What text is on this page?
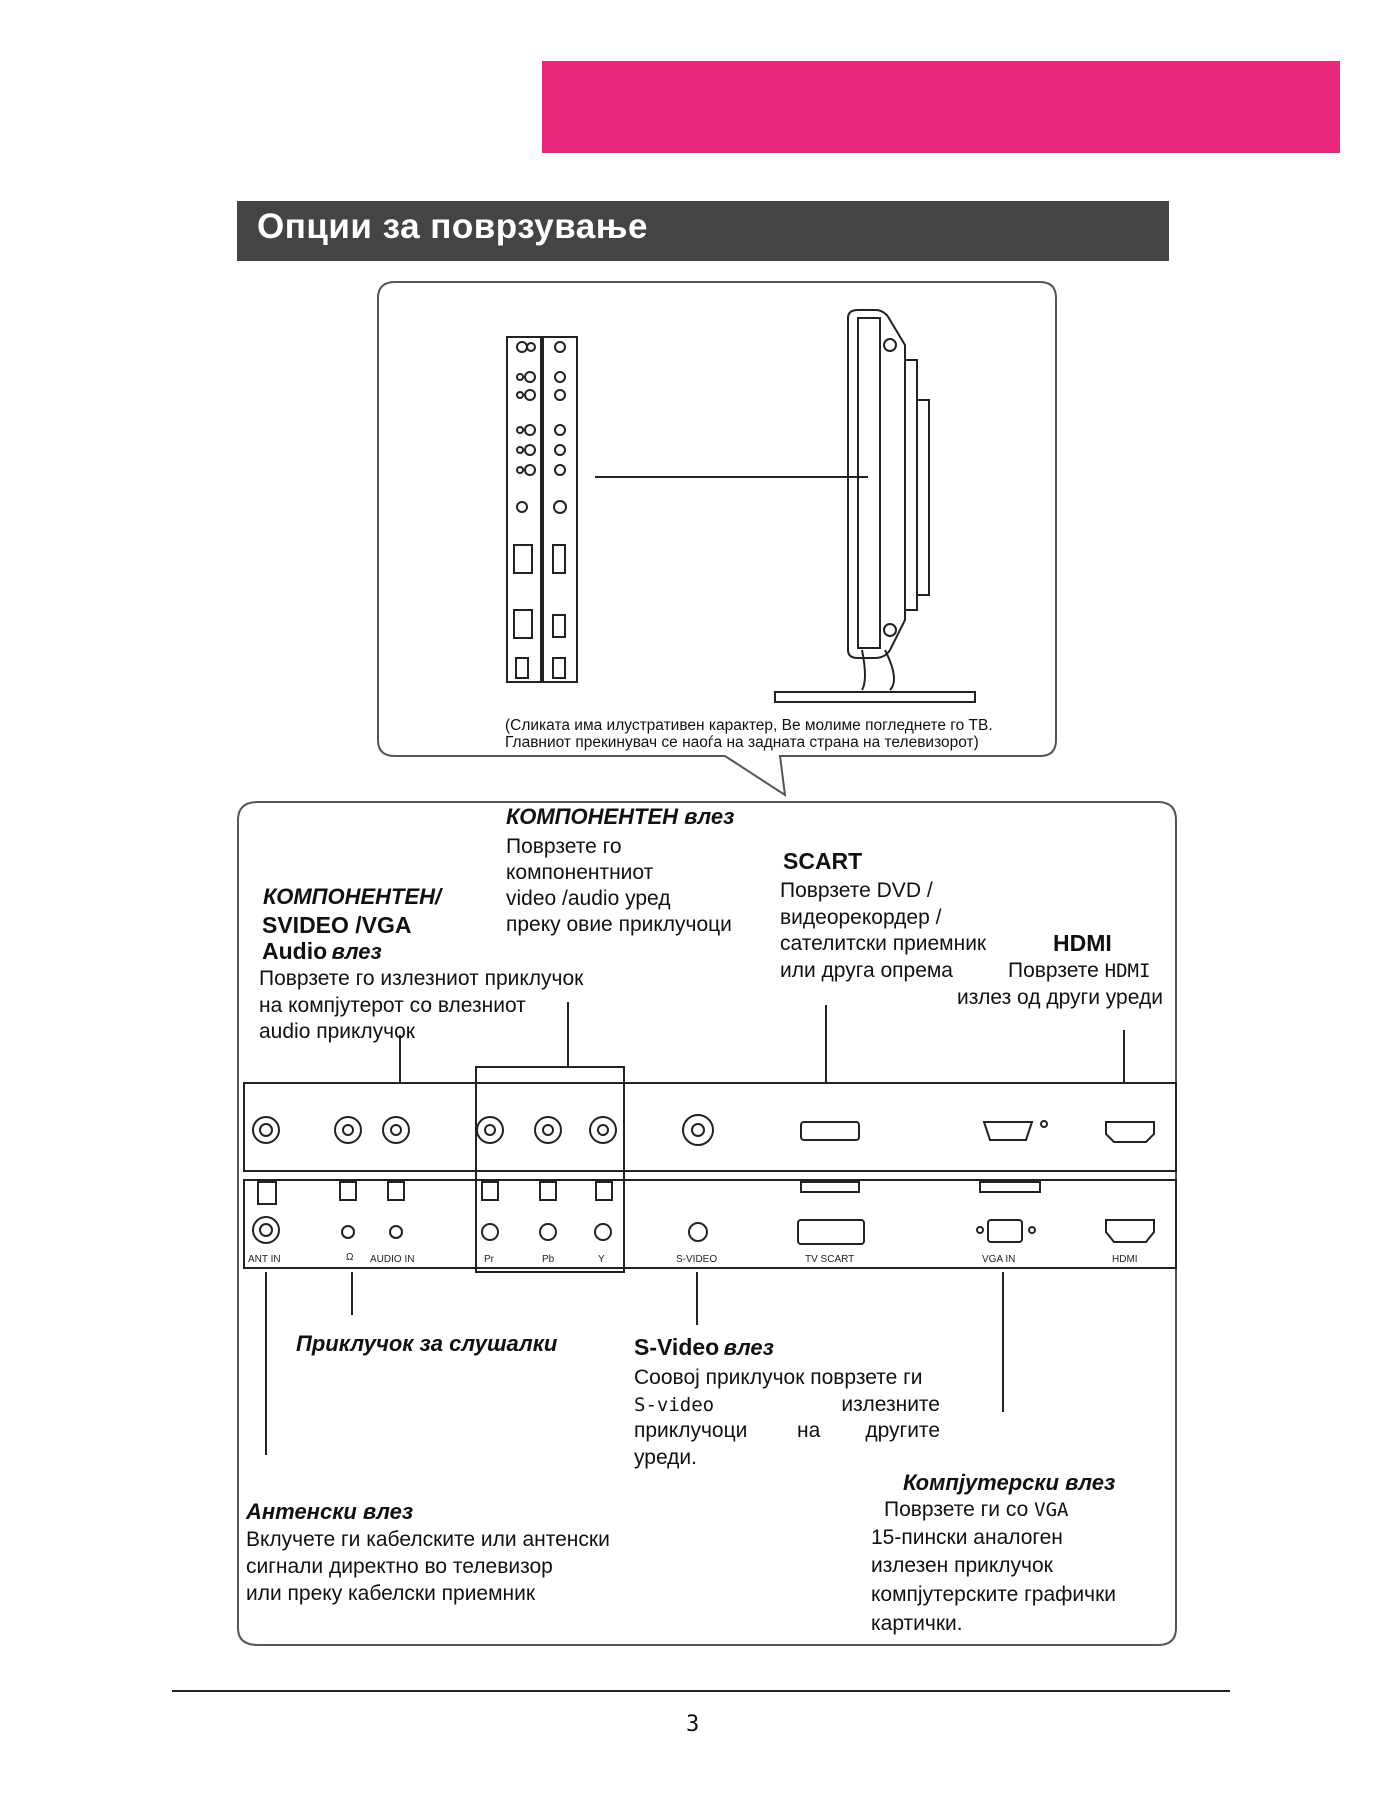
Опции за поврзување
ANT IN	Ω AUDIO IN	Pr	Pb	Y	S-VIDEO	TV SCART	VGA IN	HDMI
(Сликата има илустративен карактер, Ве молиме погледнете го ТВ.
Главниот прекинувач се наоѓа на задната страна на телевизорот)
КОМПОНЕНТЕН влез
Поврзете го
компонентниот
video /audio уред
преку овие приклучоци
КОМПОНЕНТЕН/
SVIDEO /VGA
Audio влез
Поврзете го излезниот приклучок
на компјутерот со влезниот
audio приклучок
SCART
Поврзете DVD /
видеорекордер /
сателитски приемник
или друга опрема
HDMI
Поврзете HDMI
излез од други уреди
Приклучок за слушалки	S-Video влез
Соовој приклучок поврзете ги
S-video	излезните
приклучоци на другите
уреди.
Антенски влез
Вклучете ги кабелските или антенски
сигнали директно во телевизор
или преку кабелски приемник
Компјутерски влез
Поврзете ги со VGA
15-пински аналоген
излезен приклучок
компјутерските графички
картички.
3
